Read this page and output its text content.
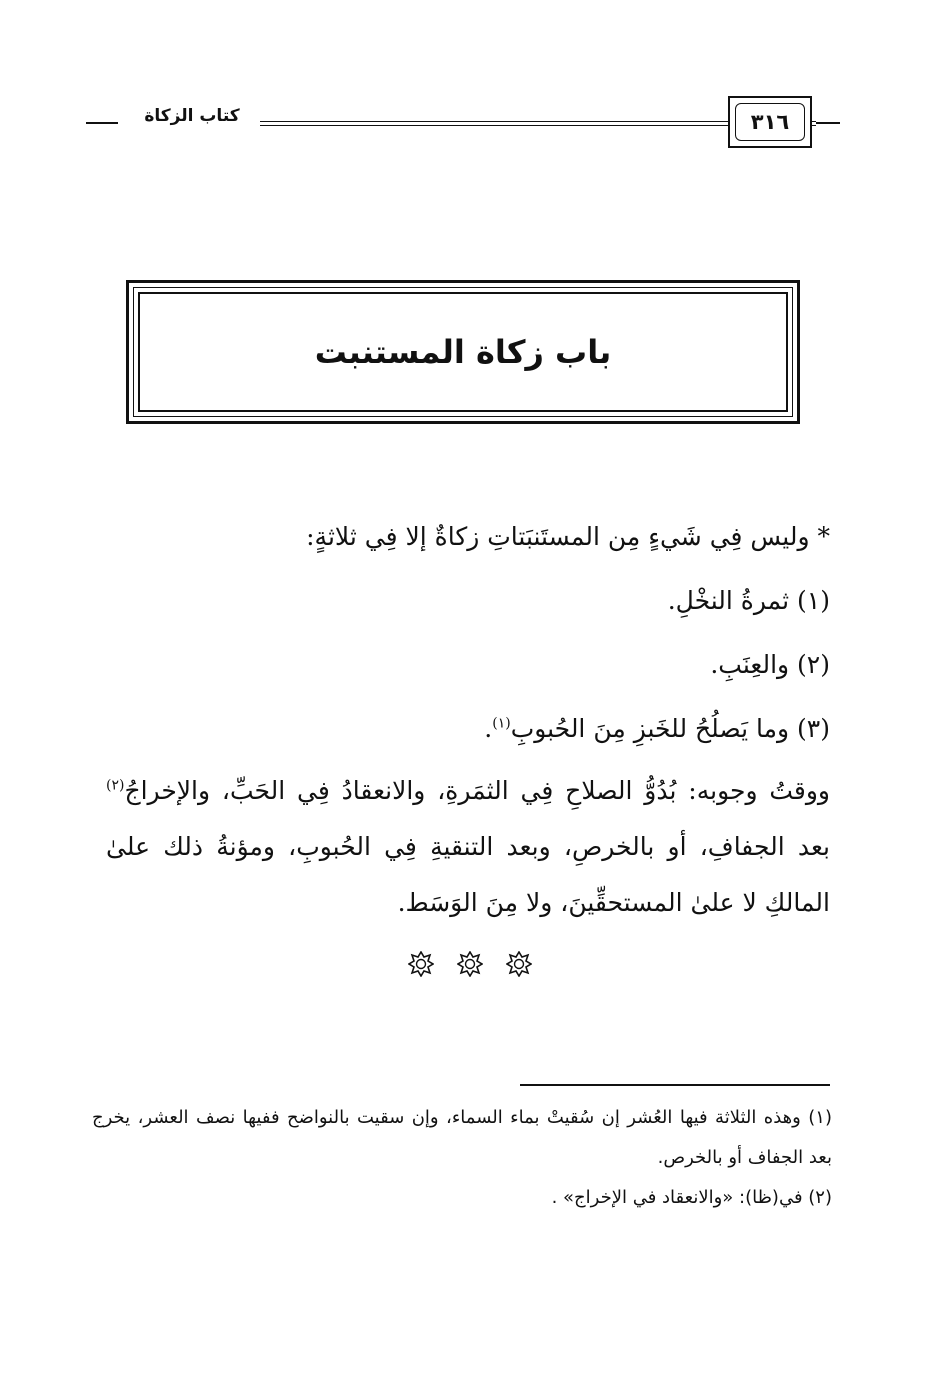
كتاب الزكاة	٣١٦
باب زكاة المستنبت

* وليس فِي شَيءٍ مِن المستَنبَتاتِ زكاةٌ إلا فِي ثلاثةٍ:

(١) ثمرةُ النخْلِ.

(٢) والعِنَبِ.

(٣) وما يَصلُحُ للخَبزِ مِنَ الحُبوبِ$^{(١)}$.

ووقتُ وجوبه: بُدُوُّ الصلاحِ فِي الثمَرةِ، والانعقادُ فِي الحَبِّ، والإخراجُ$^{(٢)}$ بعد الجفافِ، أو بالخرصِ، وبعد التنقيةِ فِي الحُبوبِ، ومؤنةُ ذلك علىٰ المالكِ لا علىٰ المستحقِّينَ، ولا مِنَ الوَسَط.

(١) وهذه الثلاثة فيها العُشر إن سُقيتْ بماء السماء، وإن سقيت بالنواضح ففيها نصف العشر، يخرج بعد الجفاف أو بالخرص.

(٢) في(ظا): «والانعقاد في الإخراج» .
